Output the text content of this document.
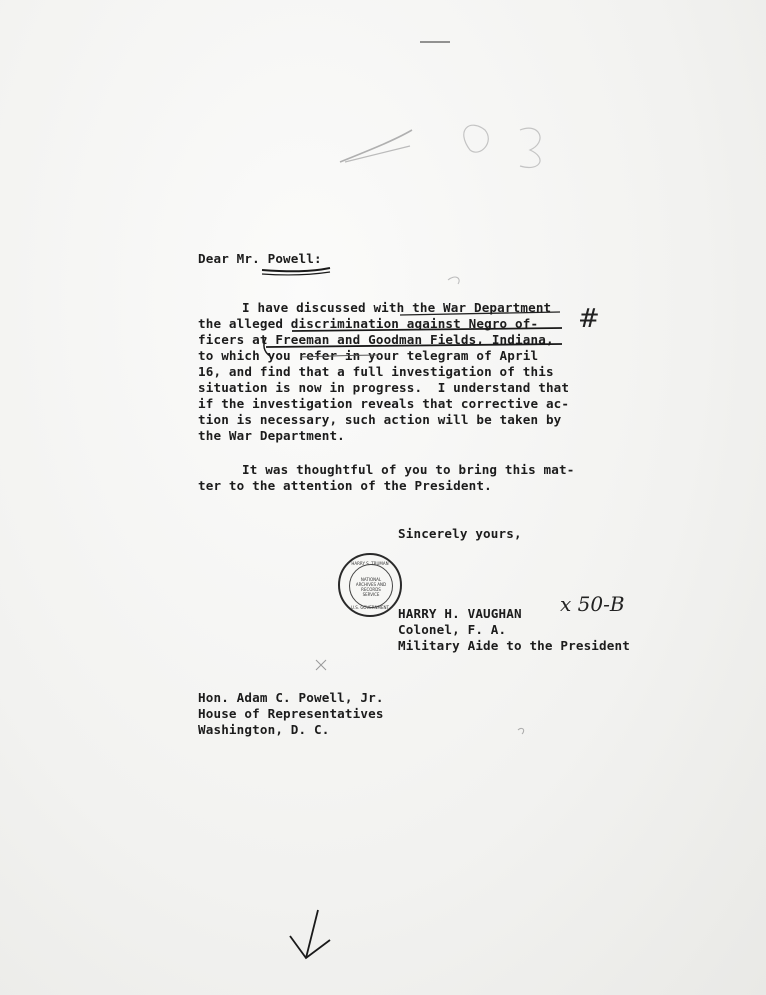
Dear Mr. Powell:
I have discussed with the War Department
the alleged discrimination against Negro of-
ficers at Freeman and Goodman Fields, Indiana,
to which you refer in your telegram of April
16, and find that a full investigation of this
situation is now in progress.  I understand that
if the investigation reveals that corrective ac-
tion is necessary, such action will be taken by
the War Department.
It was thoughtful of you to bring this mat-
ter to the attention of the President.
Sincerely yours,
HARRY H. VAUGHAN
Colonel, F. A.
Military Aide to the President
Hon. Adam C. Powell, Jr.
House of Representatives
Washington, D. C.
x 50-B
#
HARRY S. TRUMAN
NATIONAL ARCHIVES AND RECORDS SERVICE
U.S. GOVERNMENT
